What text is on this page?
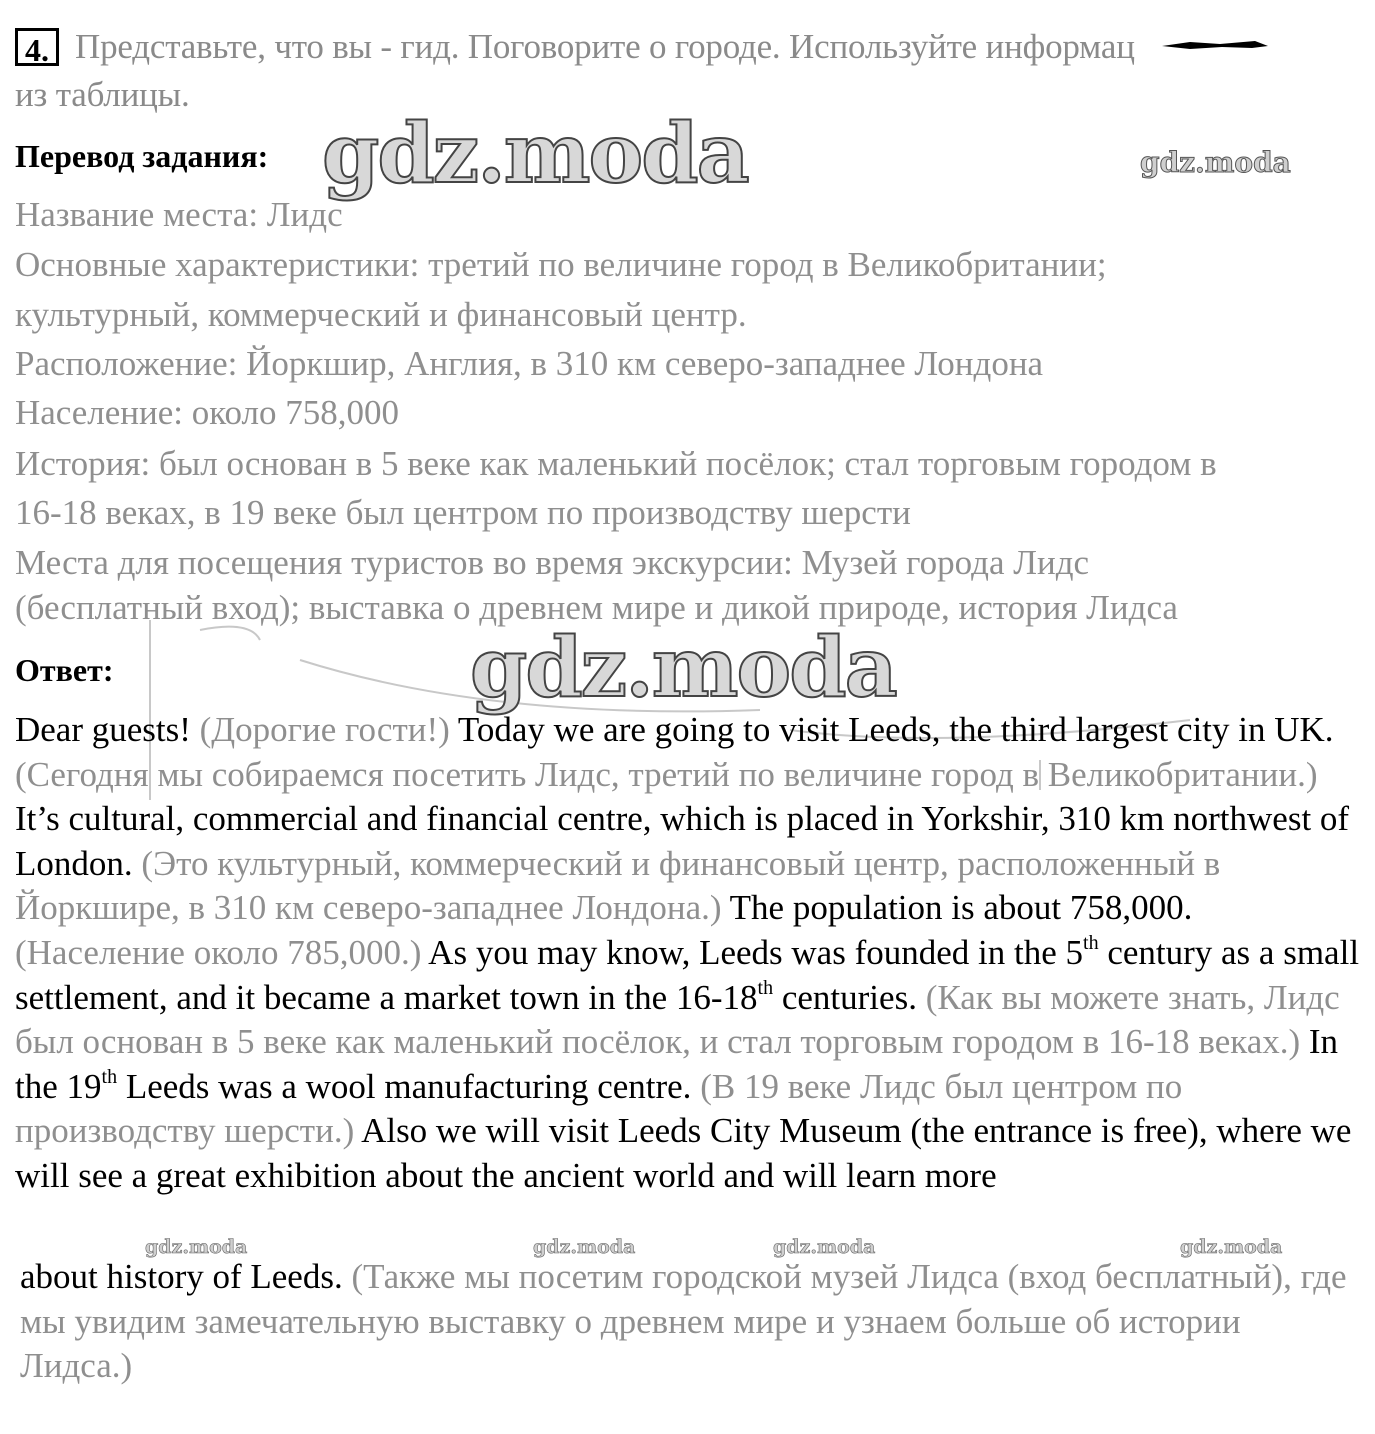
4. Представьте, что вы - гид. Поговорите о городе. Используйте информац
из таблицы.
Перевод задания: gdz.moda	gdz.moda
Название места: Лидс
Основные характеристики: третий по величине город в Великобритании;
культурный, коммерческий и финансовый центр.
Расположение: Йоркшир, Англия, в 310 км северо-западнее Лондона
Население: около 758,000
История: был основан в 5 веке как маленький посёлок; стал торговым городом в
16-18 веках, в 19 веке был центром по производству шерсти
Места для посещения туристов во время экскурсии: Музей города Лидс
(бесплатный вход); выставка о древнем мире и дикой природе, история Лидса
Ответ:	gdz.moda

Dear guests! (Дорогие гости!) Today we are going to visit Leeds, the third largest city in UK. (Сегодня мы собираемся посетить Лидс, третий по величине город в Великобритании.) It’s cultural, commercial and financial centre, which is placed in Yorkshir, 310 km northwest of London. (Это культурный, коммерческий и финансовый центр, расположенный в Йоркшире, в 310 км северо-западнее Лондона.) The population is about 758,000. (Население около 785,000.) As you may know, Leeds was founded in the 5th century as a small settlement, and it became a market town in the 16-18th centuries. (Как вы можете знать, Лидс был основан в 5 веке как маленький посёлок, и стал торговым городом в 16-18 веках.) In the 19th Leeds was a wool manufacturing centre. (В 19 веке Лидс был центром по производству шерсти.) Also we will visit Leeds City Museum (the entrance is free), where we will see a great exhibition about the ancient world and will learn more

gdz.moda	gdz.moda	gdz.moda	gdz.moda

about history of Leeds. (Также мы посетим городской музей Лидса (вход бесплатный), где мы увидим замечательную выставку о древнем мире и узнаем больше об истории Лидса.)
